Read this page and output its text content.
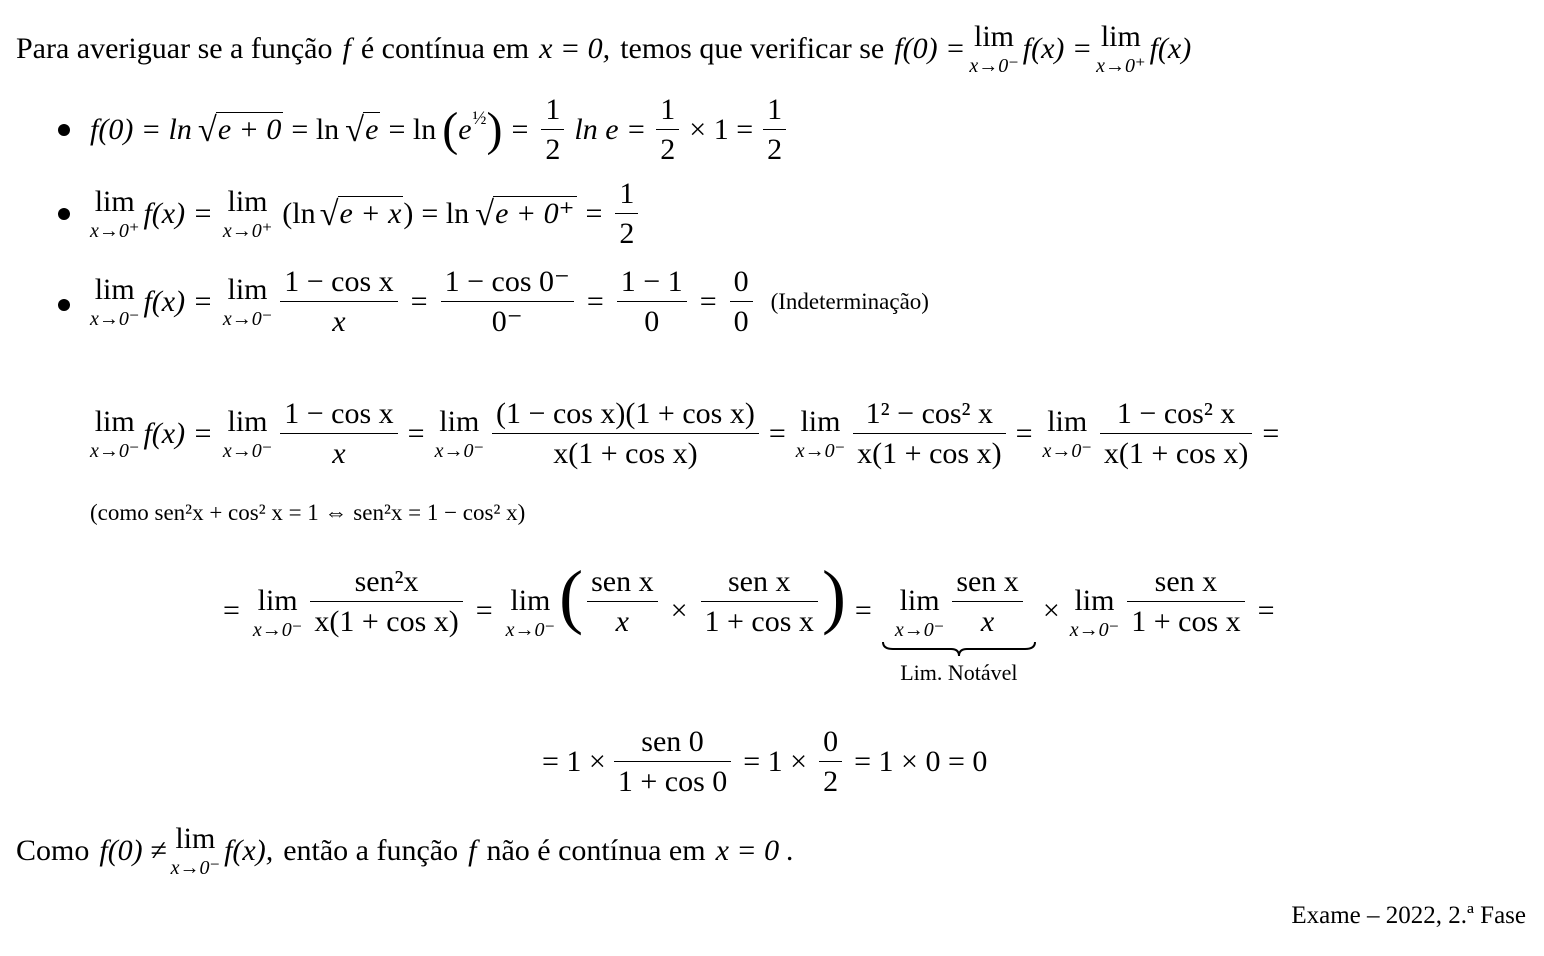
Para averiguar se a função f é contínua em x = 0, temos que verificar se f(0) = lim
x→0⁻
f(x) = lim
x→0⁺
f(x)
f(0) = ln √ e + 0 = ln √ e = ln ( e ½ ) = $\frac{1}{2}$ $\ln e = \frac{1}{2} \times 1 = \frac{1}{2}$
lim
x→0⁺
f(x) = lim
x→0⁺
(ln √ e + x ) = ln √ $e + 0^+ = \frac{1}{2}$
lim
x→0⁻
f(x) = lim
$x\to 0^- \frac{\text{1 − cos x}}{x} = \frac{1 - \cos 0^-}{0^-} = \frac{1 - 1}{0} = \frac{0}{0}$ (Indeterminação)
lim
x→0⁻
f(x) = lim
$x\to 0^- \frac{\text{1 − cos x}}{x} = \lim$
$x\to 0^- \frac{\text{(1 − cos x)(1 + cos x)}}{\text{x(1 + cos x)}} = \lim$
$x\to 0^- \frac{\text{1² − cos² x}}{\text{x(1 + cos x)}} = \lim$
$x\to 0^- \frac{\text{1 − cos² x}}{\text{x(1 + cos x)}}$ =
(como sen²x + cos² x = 1 ⇔ sen²x = 1 − cos² x)
= lim
$x\to 0^- \frac{\text{sen²x}}{\text{x(1 + cos x)}} = \lim$
x→0⁻ ( $\frac{\text{sen x}}{x} \times \frac{\text{sen x}}{\text{1 + cos x}}$ ) = lim
$x\to 0^- \frac{\text{sen x}}{x}$
Lim. Notável
× lim
$x\to 0^- \frac{\text{sen x}}{\text{1 + cos x}}$ =
= $1 \times \frac{\text{sen 0}}{1 + \cos 0} = 1 \times \frac{0}{2} = 1 \times 0 = 0$
Como f(0) ≠ lim
x→0⁻
f(x), então a função f não é contínua em x = 0 .
Exame – 2022, 2.ª Fase
